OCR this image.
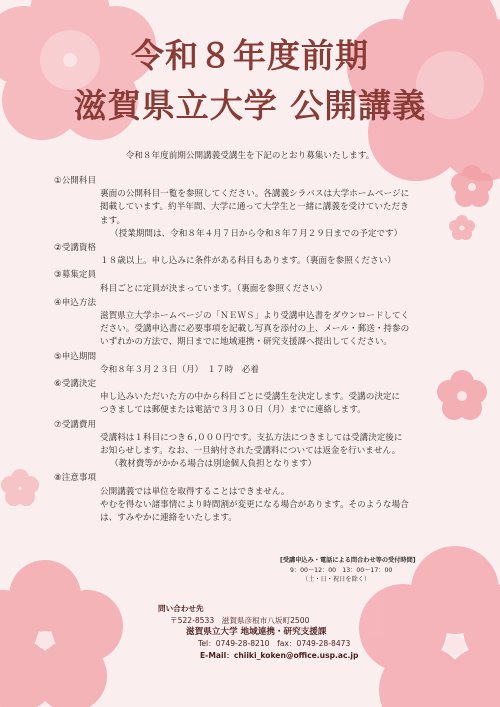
令和８年度前期
滋賀県立大学 公開講義
令和８年度前期公開講義受講生を下記のとおり募集いたします。
①公開科目
裏面の公開科目一覧を参照してください。各講義シラバスは大学ホームページに
掲載しています。約半年間、大学に通って大学生と一緒に講義を受けていただき
ます。
（授業期間は、令和８年４月７日から令和８年７月２９日までの予定です）
②受講資格
１８歳以上。申し込みに条件がある科目もあります。（裏面を参照ください）
③募集定員
科目ごとに定員が決まっています。（裏面を参照ください）
④申込方法
滋賀県立大学ホームページの「ＮＥＷＳ」より受講申込書をダウンロードしてく
ださい。受講申込書に必要事項を記載し写真を添付の上、メール・郵送・持参の
いずれかの方法で、期日までに地域連携・研究支援課へ提出してください。
⑤申込期間
令和８年３月２３日（月）　１７時　必着
⑥受講決定
申し込みいただいた方の中から科目ごとに受講生を決定します。受講の決定に
つきましては郵便または電話で３月３０日（月）までに連絡します。
⑦受講費用
受講料は１科目につき６,０００円です。支払方法につきましては受講決定後に
お知らせします。なお、一旦納付された受講料については返金を行いません。
（教材費等がかかる場合は別途個人負担となります）
⑧注意事項
公開講義では単位を取得することはできません。
やむを得ない諸事情により時間割が変更になる場合があります。そのような場合
は、すみやかに連絡をいたします。
[受講申込み・電話による問合わせ等の受付時間]
9：00～12：00　13：00～17：00
（土・日・祝日を除く）
問い合わせ先
〒522-8533　滋賀県彦根市八坂町2500
滋賀県立大学 地域連携・研究支援課
Tel：0749-28-8210　fax：0749-28-8473
E-Mail：chiiki_koken@office.usp.ac.jp
